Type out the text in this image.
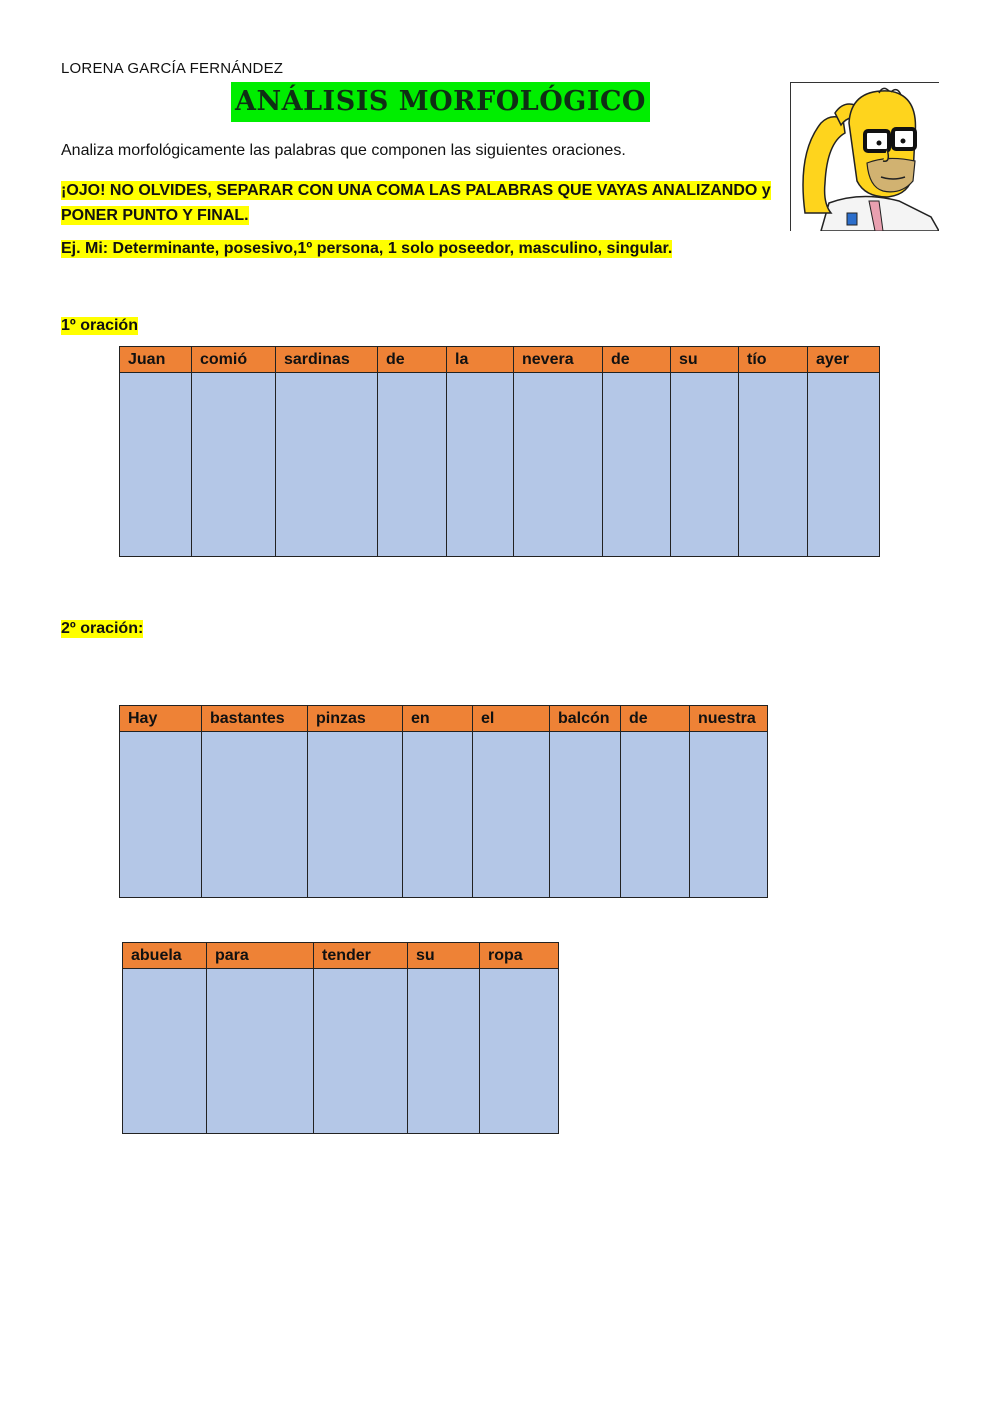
LORENA GARCÍA FERNÁNDEZ
ANÁLISIS MORFOLÓGICO
Analiza morfológicamente las palabras que componen las siguientes oraciones.
¡OJO! NO OLVIDES, SEPARAR CON UNA COMA LAS PALABRAS QUE VAYAS ANALIZANDO y
PONER PUNTO Y FINAL.
Ej. Mi: Determinante, posesivo,1º persona, 1 solo poseedor, masculino, singular.
1º oración
Juan	comió	sardinas	de	la	nevera	de	su	tío	ayer

2º oración:
Hay	bastantes	pinzas	en	el	balcón	de	nuestra

abuela	para	tender	su	ropa
